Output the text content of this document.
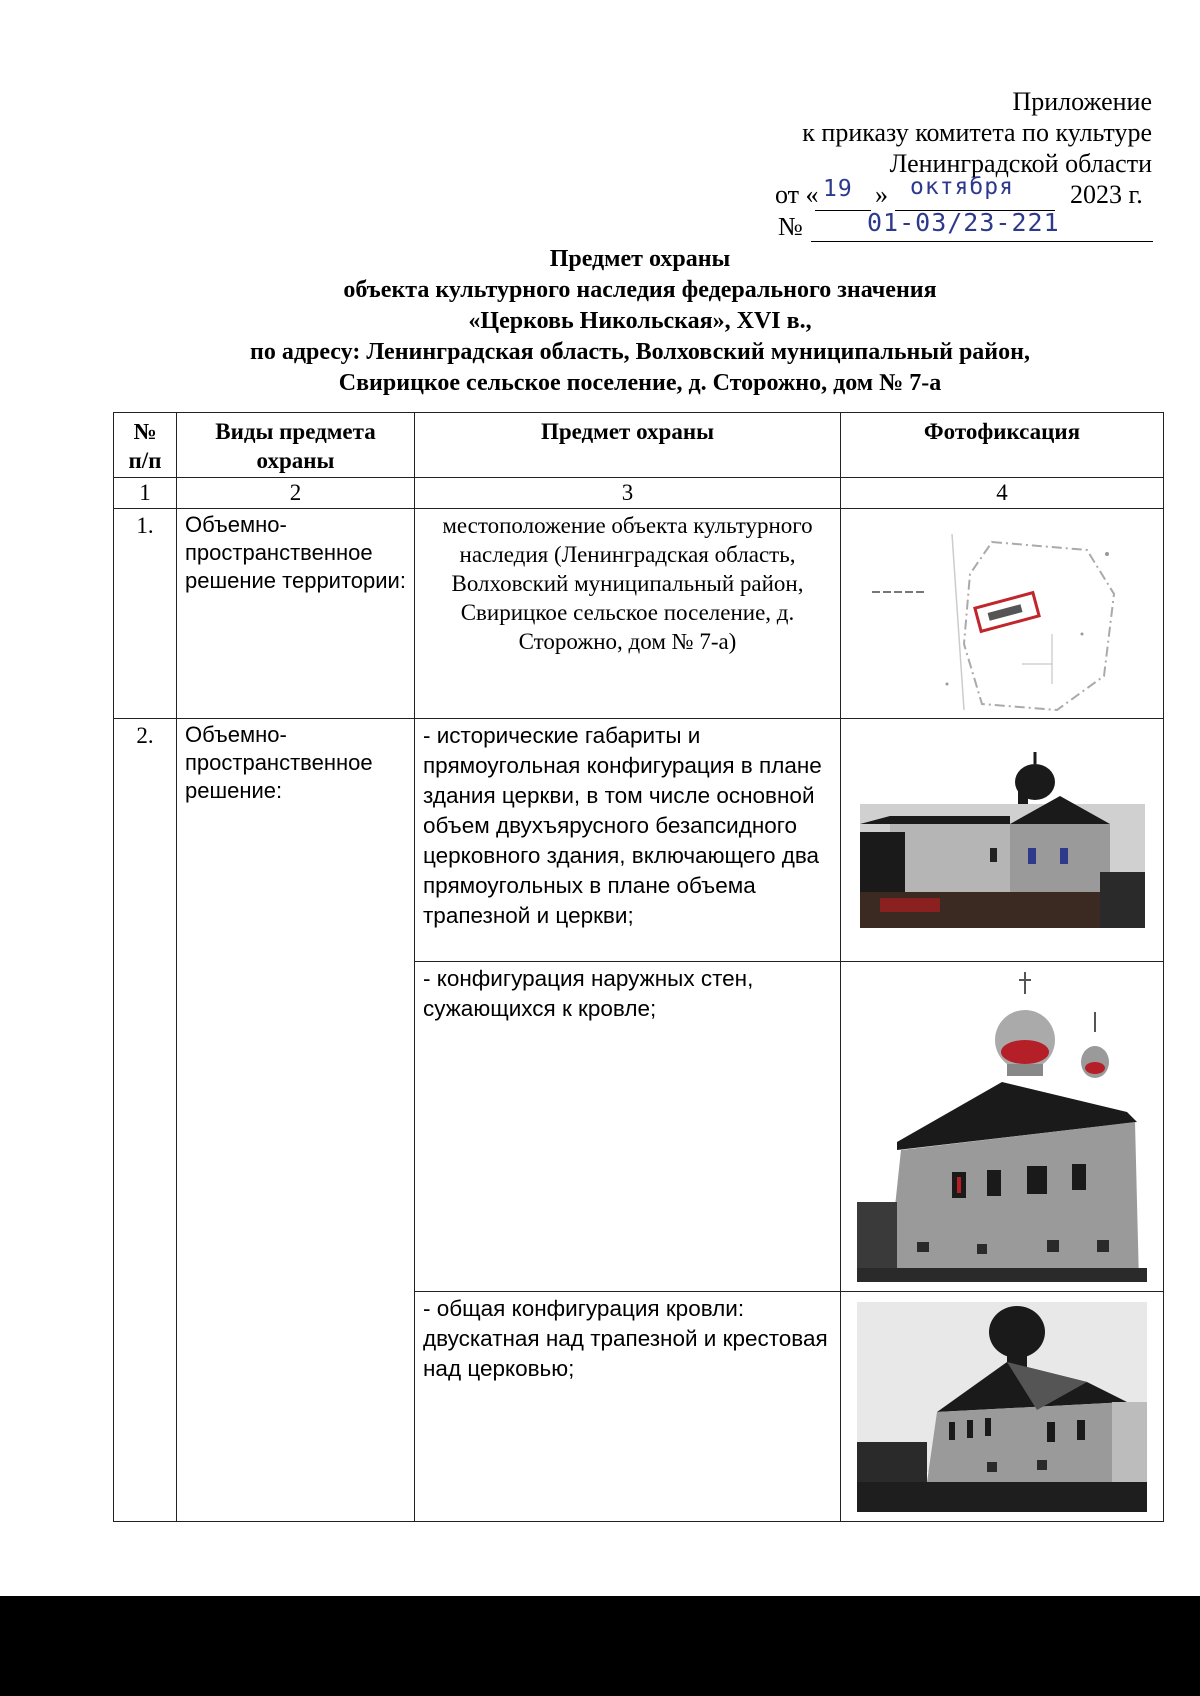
Приложение
к приказу комитета по культуре
Ленинградской области
от « 19 » октября 2023 г.
№	01-03/23-221
Предмет охраны
объекта культурного наследия федерального значения
«Церковь Никольская», XVI в.,
по адресу: Ленинградская область, Волховский муниципальный район,
Свирицкое сельское поселение, д. Сторожно, дом № 7-а
№ п/п	Виды предмета охраны	Предмет охраны	Фотофиксация
1	2	3	4
1.	Объемно-пространственное решение территории:	местоположение объекта культурного наследия (Ленинградская область, Волховский муниципальный район, Свирицкое сельское поселение, д. Сторожно, дом № 7-а)	

2.	Объемно-пространственное решение:	- исторические габариты и прямоугольная конфигурация в плане здания церкви, в том числе основной объем двухъярусного безапсидного церковного здания, включающего два прямоугольных в плане объема трапезной и церкви;	

		- конфигурация наружных стен, сужающихся к кровле;	

		- общая конфигурация кровли: двускатная над трапезной и крестовая над церковью;	
